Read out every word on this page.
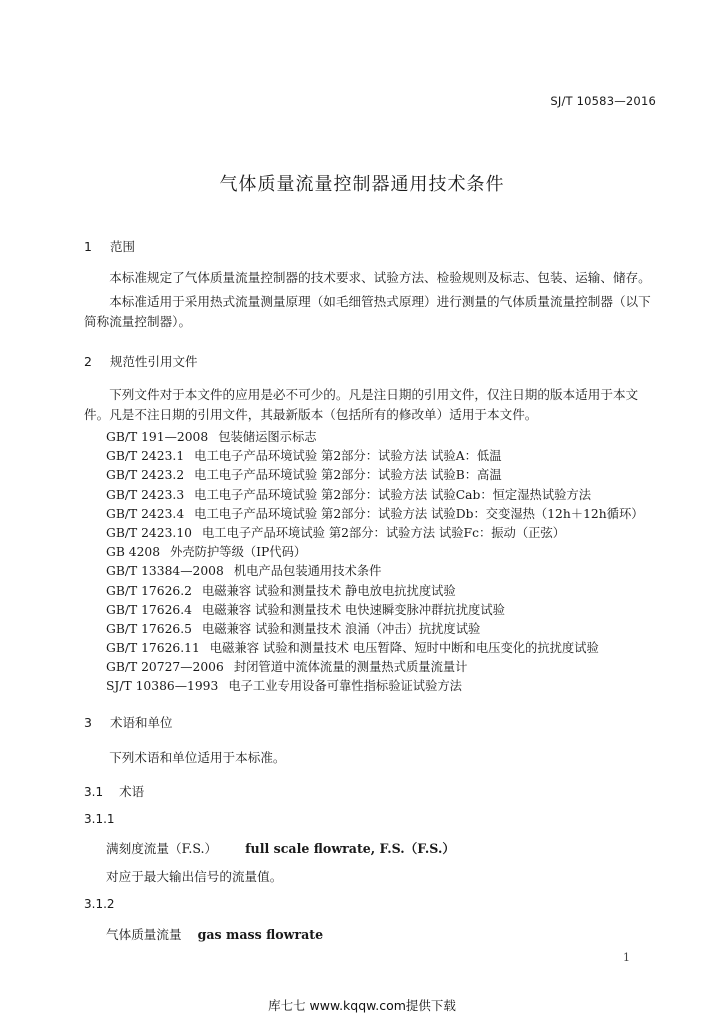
SJ/T 10583—2016
气体质量流量控制器通用技术条件
1 范围
本标准规定了气体质量流量控制器的技术要求、试验方法、检验规则及标志、包装、运输、储存。
本标准适用于采用热式流量测量原理（如毛细管热式原理）进行测量的气体质量流量控制器（以下简称流量控制器）。
2 规范性引用文件
下列文件对于本文件的应用是必不可少的。凡是注日期的引用文件，仅注日期的版本适用于本文件。凡是不注日期的引用文件，其最新版本（包括所有的修改单）适用于本文件。
GB/T 191—2008 包装储运图示标志
GB/T 2423.1 电工电子产品环境试验 第2部分：试验方法 试验A：低温
GB/T 2423.2 电工电子产品环境试验 第2部分：试验方法 试验B：高温
GB/T 2423.3 电工电子产品环境试验 第2部分：试验方法 试验Cab：恒定湿热试验方法
GB/T 2423.4 电工电子产品环境试验 第2部分：试验方法 试验Db：交变湿热（12h＋12h循环）
GB/T 2423.10 电工电子产品环境试验 第2部分：试验方法 试验Fc：振动（正弦）
GB 4208 外壳防护等级（IP代码）
GB/T 13384—2008 机电产品包装通用技术条件
GB/T 17626.2 电磁兼容 试验和测量技术 静电放电抗扰度试验
GB/T 17626.4 电磁兼容 试验和测量技术 电快速瞬变脉冲群抗扰度试验
GB/T 17626.5 电磁兼容 试验和测量技术 浪涌（冲击）抗扰度试验
GB/T 17626.11 电磁兼容 试验和测量技术 电压暂降、短时中断和电压变化的抗扰度试验
GB/T 20727—2006 封闭管道中流体流量的测量热式质量流量计
SJ/T 10386—1993 电子工业专用设备可靠性指标验证试验方法
3 术语和单位
下列术语和单位适用于本标准。
3.1 术语
3.1.1
满刻度流量（F.S.） full scale flowrate, F.S.（F.S.）
对应于最大输出信号的流量值。
3.1.2
气体质量流量 gas mass flowrate
1
库七七 www.kqqw.com提供下载
